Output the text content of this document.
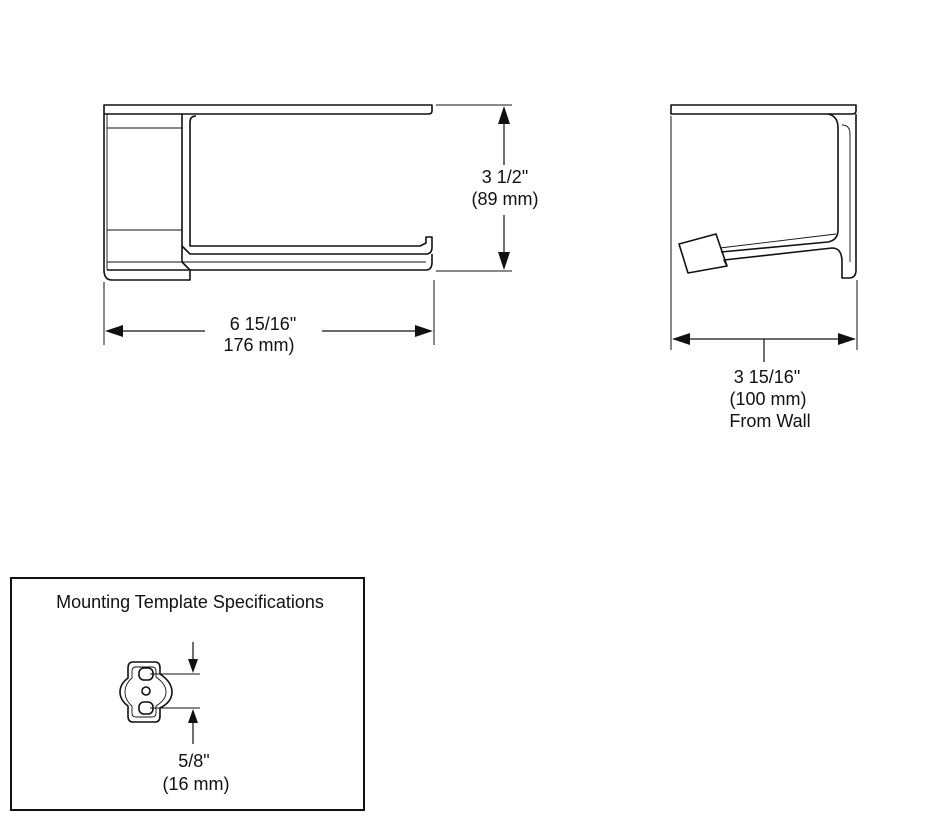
3 1/2"
(89 mm)
6 15/16"
176 mm)
3 15/16"
(100 mm)
From Wall
Mounting Template Specifications
5/8"
(16 mm)
